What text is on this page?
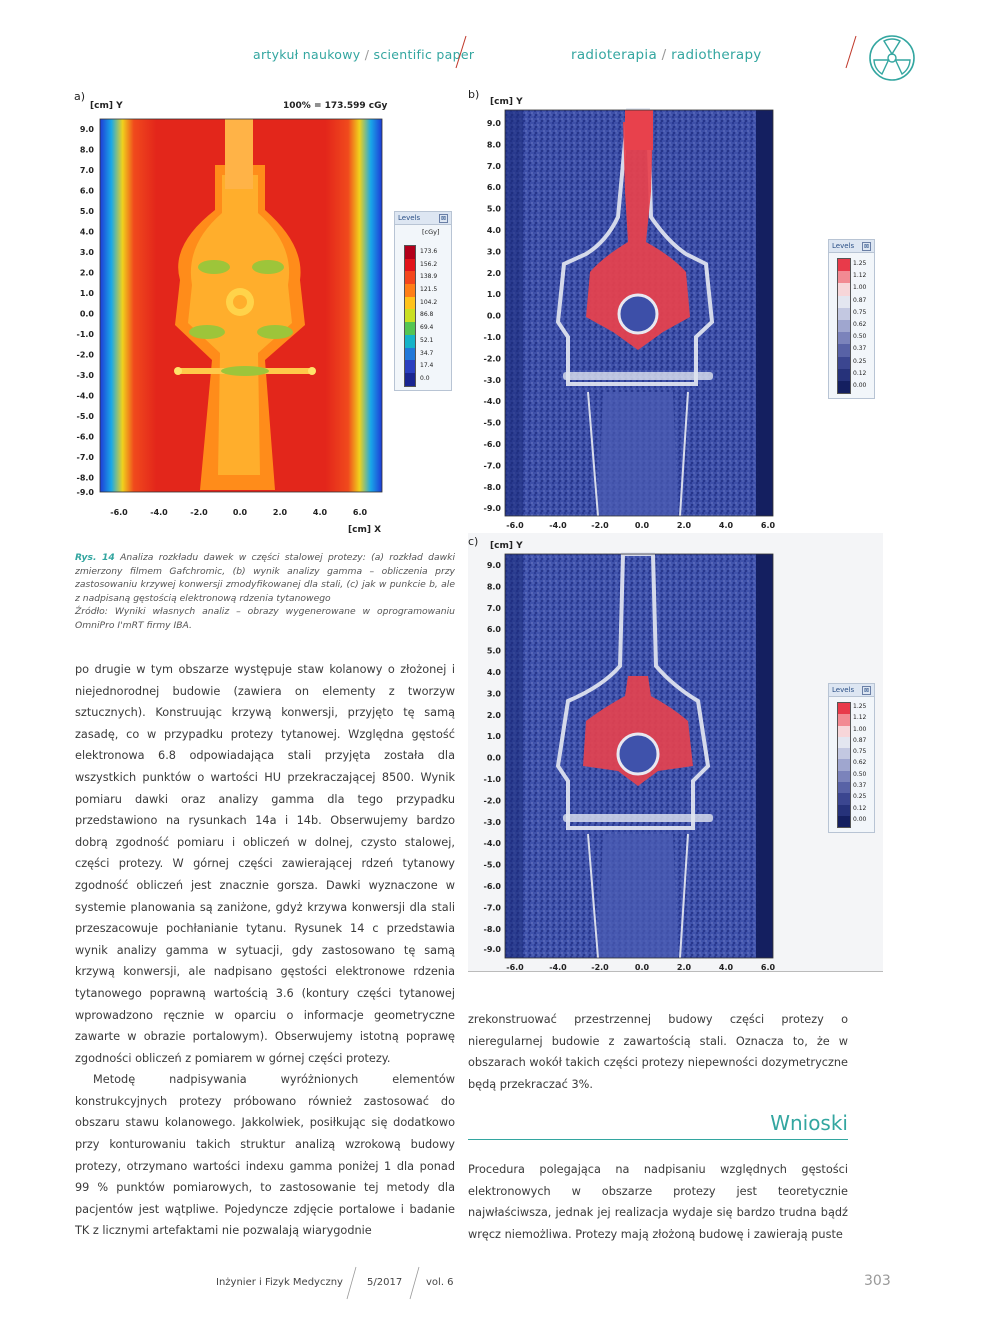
artykuł naukowy / scientific paper	radioterapia / radiotherapy
a)
[cm] Y	100% = 173.599 cGy
9.0
8.0
7.0
6.0
5.0
4.0
3.0
2.0
1.0
0.0
-1.0
-2.0
-3.0
-4.0
-5.0
-6.0
-7.0
-8.0
-9.0
-6.0	-4.0	-2.0	0.0	2.0	4.0	6.0
[cm] X
Levels	⊠
[cGy]
173.6
156.2
138.9
121.5
104.2
86.8
69.4
52.1
34.7
17.4
0.0
b)
[cm] Y
9.0
8.0
7.0
6.0
5.0
4.0
3.0
2.0
1.0
0.0
-1.0
-2.0
-3.0
-4.0
-5.0
-6.0
-7.0
-8.0
-9.0
-6.0	-4.0	-2.0	0.0	2.0	4.0	6.0
Levels	⊠
1.25
1.12
1.00
0.87
0.75
0.62
0.50
0.37
0.25
0.12
0.00
c) [cm] Y
9.0
8.0
7.0
6.0
5.0
4.0
3.0
2.0
1.0
0.0
-1.0
-2.0
-3.0
-4.0
-5.0
-6.0
-7.0
-8.0
-9.0
-6.0	-4.0	-2.0	0.0	2.0	4.0	6.0
Levels	⊠
1.25
1.12
1.00
0.87
0.75
0.62
0.50
0.37
0.25
0.12
0.00
Rys. 14 Analiza rozkładu dawek w części stalowej protezy: (a) rozkład dawki zmierzony filmem Gafchromic, (b) wynik analizy gamma – obliczenia przy zastosowaniu krzywej konwersji zmodyfikowanej dla stali, (c) jak w punkcie b, ale z nadpisaną gęstością elektronową rdzenia tytanowego
Źródło: Wyniki własnych analiz – obrazy wygenerowane w oprogramowaniu OmniPro I'mRT firmy IBA.

po drugie w tym obszarze występuje staw kolanowy o złożonej i niejednorodnej budowie (zawiera on elementy z tworzyw sztucznych). Konstruując krzywą konwersji, przyjęto tę samą zasadę, co w przypadku protezy tytanowej. Względna gęstość elektronowa 6.8 odpowiadająca stali przyjęta została dla wszystkich punktów o wartości HU przekraczającej 8500. Wynik pomiaru dawki oraz analizy gamma dla tego przypadku przedstawiono na rysunkach 14a i 14b. Obserwujemy bardzo dobrą zgodność pomiaru i obliczeń w dolnej, czysto stalowej, części protezy. W górnej części zawierającej rdzeń tytanowy zgodność obliczeń jest znacznie gorsza. Dawki wyznaczone w systemie planowania są zaniżone, gdyż krzywa konwersji dla stali przeszacowuje pochłanianie tytanu. Rysunek 14 c przedstawia wynik analizy gamma w sytuacji, gdy zastosowano tę samą krzywą konwersji, ale nadpisano gęstości elektronowe rdzenia tytanowego poprawną wartością 3.6 (kontury części tytanowej wprowadzono ręcznie w oparciu o informacje geometryczne zawarte w obrazie portalowym). Obserwujemy istotną poprawę zgodności obliczeń z pomiarem w górnej części protezy.

Metodę nadpisywania wyróżnionych elementów konstrukcyjnych protezy próbowano również zastosować do obszaru stawu kolanowego. Jakkolwiek, posiłkując się dodatkowo przy konturowaniu takich struktur analizą wzrokową budowy protezy, otrzymano wartości indexu gamma poniżej 1 dla ponad 99 % punktów pomiarowych, to zastosowanie tej metody dla pacjentów jest wątpliwe. Pojedyncze zdjęcie portalowe i badanie TK z licznymi artefaktami nie pozwalają wiarygodnie

zrekonstruować przestrzennej budowy części protezy o nieregularnej budowie z zawartością stali. Oznacza to, że w obszarach wokół takich części protezy niepewności dozymetryczne będą przekraczać 3%.

Wnioski

Procedura polegająca na nadpisaniu względnych gęstości elektronowych w obszarze protezy jest teoretycznie najwłaściwsza, jednak jej realizacja wydaje się bardzo trudna bądź wręcz niemożliwa. Protezy mają złożoną budowę i zawierają puste

Inżynier i Fizyk Medyczny 5/2017 vol. 6	303
